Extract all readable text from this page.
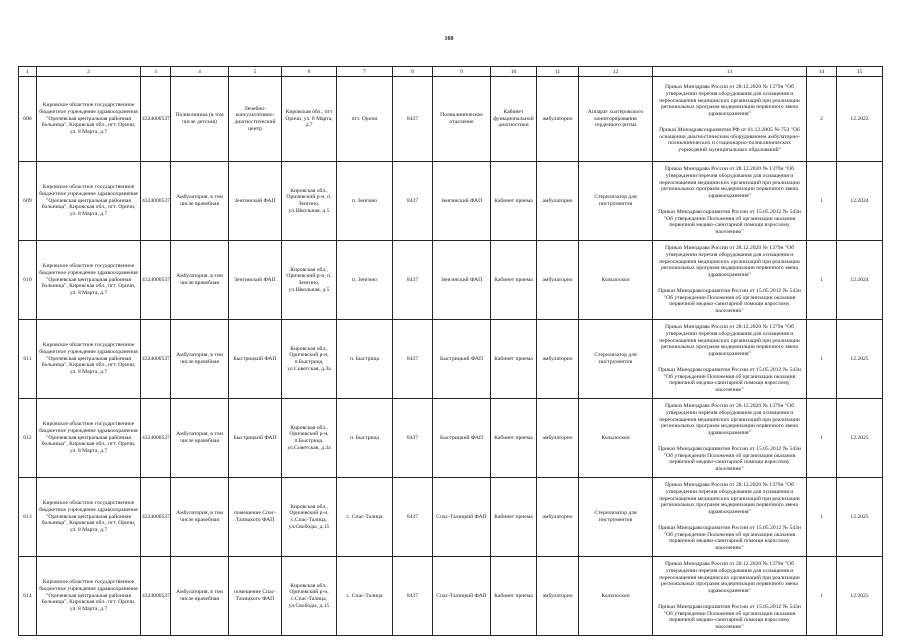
160
1	2	3	4	5	6	7	8	9	10	11	12	13	14	15
608	Кировское областное государственное бюджетное учреждение здравоохранения "Оричевская центральная районная больница", Кировская обл., пгт. Оричи, ул. 8 Марта, д.7	4324000537	Поликлиника (в том числе детская)	Лечебно-консультативно-диагностический центр	Кировская обл., пгт Оричи, ул. 8 Марта, д.7	пгт. Оричи	8437	Поликлиническое отделение	Кабинет функциональной диагностики	амбулаторно	Аппарат холтеровского мониторирования сердечного ритма	Приказ Минздрава России от 28.12.2020 № 1379н "Об утверждении перечня оборудования для оснащения и переоснащения медицинских организаций при реализации региональных программ модернизации первичного звена здравоохранения"
Приказ Минздравсоцразвития РФ от 01.12.2005 № 753 "Об оснащении диагностическим оборудованием амбулаторно-поликлинических и стационарно-поликлинических учреждений муниципальных образований"	2	12.2022
609	Кировское областное государственное бюджетное учреждение здравоохранения "Оричевская центральная районная больница", Кировская обл., пгт. Оричи, ул. 8 Марта, д.7	4324000537	Амбулатория, в том числе врачебная	Зенгинский ФАП	Кировская обл., Оричевский р-н, п. Зенгино, ул.Школьная, д.5	п. Зенгино	8437	Зенгинский ФАП	Кабинет приема	амбулаторно	Стерилизатор для инструментов	Приказ Минздрава России от 28.12.2020 № 1379н "Об утверждении перечня оборудования для оснащения и переоснащения медицинских организаций при реализации региональных программ модернизации первичного звена здравоохранения"
Приказ Минздравсоцразвития России от 15.05.2012 № 543н "Об утверждении Положения об организации оказания первичной медико-санитарной помощи взрослому населению"	1	12.2024
610	Кировское областное государственное бюджетное учреждение здравоохранения "Оричевская центральная районная больница", Кировская обл., пгт. Оричи, ул. 8 Марта, д.7	4324000537	Амбулатория, в том числе врачебная	Зенгинский ФАП	Кировская обл., Оричевский р-н, п. Зенгино, ул.Школьная, д.5	п. Зенгино	8437	Зенгинский ФАП	Кабинет приема	амбулаторно	Кольпоскоп	Приказ Минздрава России от 28.12.2020 № 1379н "Об утверждении перечня оборудования для оснащения и переоснащения медицинских организаций при реализации региональных программ модернизации первичного звена здравоохранения"
Приказ Минздравсоцразвития России от 15.05.2012 № 543н "Об утверждении Положения об организации оказания первичной медико-санитарной помощи взрослому населению"	1	12.2024
611	Кировское областное государственное бюджетное учреждение здравоохранения "Оричевская центральная районная больница", Кировская обл., пгт. Оричи, ул. 8 Марта, д.7	4324000537	Амбулатория, в том числе врачебная	Быстрицкий ФАП	Кировская обл., Оричевский р-н, п.Быстрица, ул.Советская, д.3а	п. Быстрица	8437	Быстрицкий ФАП	Кабинет приема	амбулаторно	Стерилизатор для инструментов	Приказ Минздрава России от 28.12.2020 № 1379н "Об утверждении перечня оборудования для оснащения и переоснащения медицинских организаций при реализации региональных программ модернизации первичного звена здравоохранения"
Приказ Минздравсоцразвития России от 15.05.2012 № 543н "Об утверждении Положения об организации оказания первичной медико-санитарной помощи взрослому населению"	1	12.2025
612	Кировское областное государственное бюджетное учреждение здравоохранения "Оричевская центральная районная больница", Кировская обл., пгт. Оричи, ул. 8 Марта, д.7	4324000537	Амбулатория, в том числе врачебная	Быстрицкий ФАП	Кировская обл., Оричевский р-н, п.Быстрица, ул.Советская, д.3а	п. Быстрица	8437	Быстрицкий ФАП	Кабинет приема	амбулаторно	Кольпоскоп	Приказ Минздрава России от 28.12.2020 № 1379н "Об утверждении перечня оборудования для оснащения и переоснащения медицинских организаций при реализации региональных программ модернизации первичного звена здравоохранения"
Приказ Минздравсоцразвития России от 15.05.2012 № 543н "Об утверждении Положения об организации оказания первичной медико-санитарной помощи взрослому населению"	1	12.2025
613	Кировское областное государственное бюджетное учреждение здравоохранения "Оричевская центральная районная больница", Кировская обл., пгт. Оричи, ул. 8 Марта, д.7	4324000537	Амбулатория, в том числе врачебная	помещение Спас-Талицкого ФАП	Кировская обл., Оричевский р-н, с.Спас-Талица, ул.Свободы, д.15	с. Спас-Талица	8437	Спас-Талицкий ФАП	Кабинет приема	амбулаторно	Стерилизатор для инструментов	Приказ Минздрава России от 28.12.2020 № 1379н "Об утверждении перечня оборудования для оснащения и переоснащения медицинских организаций при реализации региональных программ модернизации первичного звена здравоохранения"
Приказ Минздравсоцразвития России от 15.05.2012 № 543н "Об утверждении Положения об организации оказания первичной медико-санитарной помощи взрослому населению"	1	12.2025
614	Кировское областное государственное бюджетное учреждение здравоохранения "Оричевская центральная районная больница", Кировская обл., пгт. Оричи, ул. 8 Марта, д.7	4324000537	Амбулатория, в том числе врачебная	помещение Спас-Талицкого ФАП	Кировская обл., Оричевский р-н, с.Спас-Талица, ул.Свободы, д.15	с. Спас-Талица	8437	Спас-Талицкий ФАП	Кабинет приема	амбулаторно	Кольпоскоп	Приказ Минздрава России от 28.12.2020 № 1379н "Об утверждении перечня оборудования для оснащения и переоснащения медицинских организаций при реализации региональных программ модернизации первичного звена здравоохранения"
Приказ Минздравсоцразвития России от 15.05.2012 № 543н "Об утверждении Положения об организации оказания первичной медико-санитарной помощи взрослому населению"	1	12.2025
